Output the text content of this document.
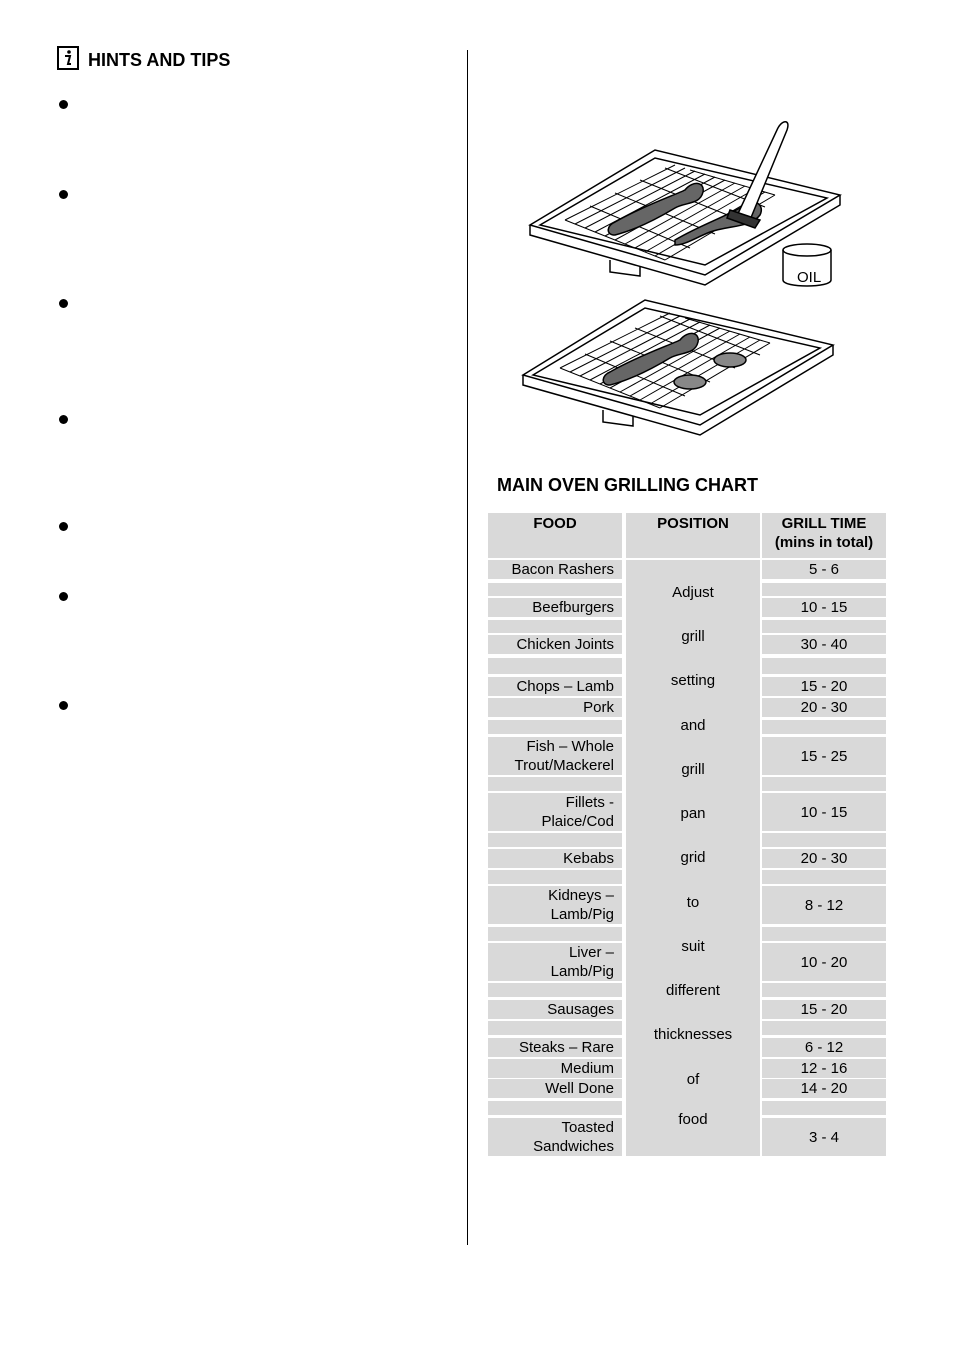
HINTS AND TIPS
OIL
MAIN OVEN GRILLING CHART
FOOD	POSITION	GRILL TIME
(mins in total)
Adjust
grill
setting
and
grill
pan
grid
to
suit
different
thicknesses
of
food
Bacon Rashers
Beefburgers
Chicken Joints
Chops – Lamb
Pork
Fish – Whole
Trout/Mackerel
Fillets -
Plaice/Cod
Kebabs
Kidneys –
Lamb/Pig
Liver –
Lamb/Pig
Sausages
Steaks – Rare
Medium
Well Done
Toasted
Sandwiches
5 - 6
10 - 15
30 - 40
15 - 20
20 - 30
15 - 25
10 - 15
20 - 30
8 - 12
10 - 20
15 - 20
6 - 12
12 - 16
14 - 20
3 - 4
